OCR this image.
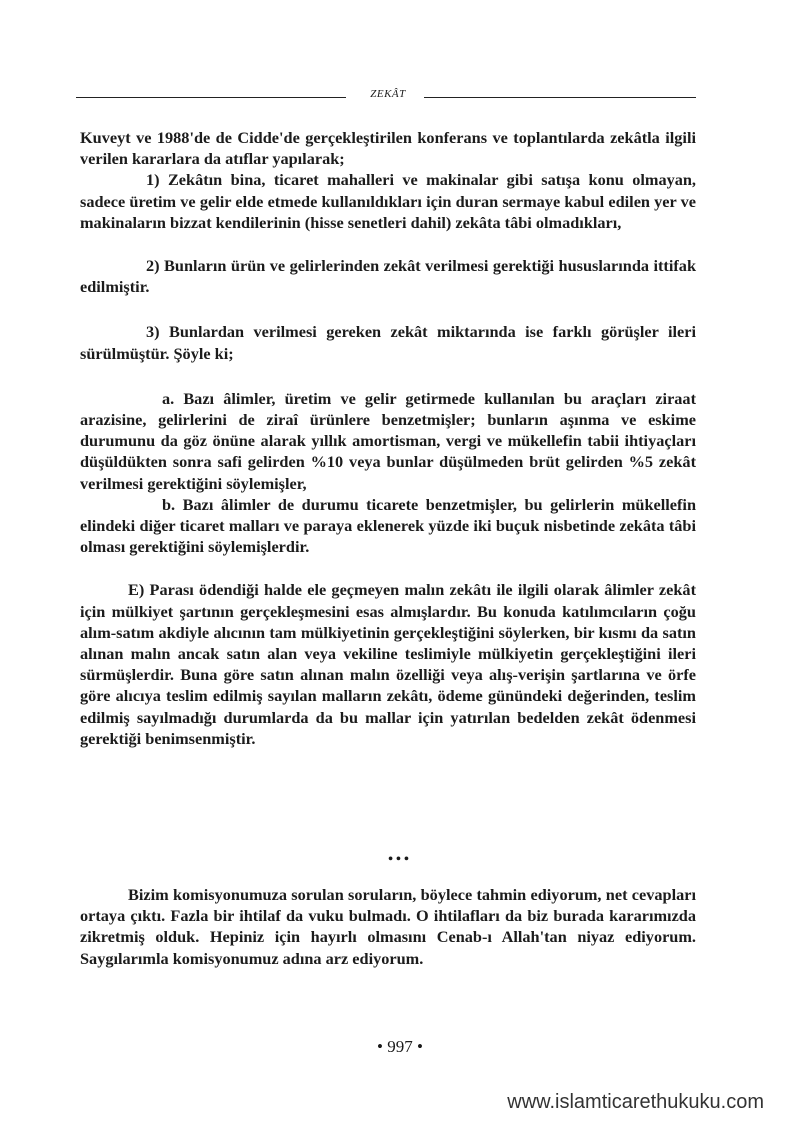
ZEKÂT

Kuveyt ve 1988'de de Cidde'de gerçekleştirilen konferans ve toplantılarda zekâtla ilgili verilen kararlara da atıflar yapılarak;

1) Zekâtın bina, ticaret mahalleri ve makinalar gibi satışa konu olmayan, sadece üretim ve gelir elde etmede kullanıldıkları için duran sermaye kabul edilen yer ve makinaların bizzat kendilerinin (hisse senetleri dahil) zekâta tâbi olmadıkları,

2) Bunların ürün ve gelirlerinden zekât verilmesi gerektiği hususlarında ittifak edilmiştir.

3) Bunlardan verilmesi gereken zekât miktarında ise farklı görüşler ileri sürülmüştür. Şöyle ki;

a. Bazı âlimler, üretim ve gelir getirmede kullanılan bu araçları ziraat arazisine, gelirlerini de ziraî ürünlere benzetmişler; bunların aşınma ve eskime durumunu da göz önüne alarak yıllık amortisman, vergi ve mükellefin tabii ihtiyaçları düşüldükten sonra safi gelirden %10 veya bunlar düşülmeden brüt gelirden %5 zekât verilmesi gerektiğini söylemişler,

b. Bazı âlimler de durumu ticarete benzetmişler, bu gelirlerin mükellefin elindeki diğer ticaret malları ve paraya eklenerek yüzde iki buçuk nisbetinde zekâta tâbi olması gerektiğini söylemişlerdir.

E) Parası ödendiği halde ele geçmeyen malın zekâtı ile ilgili olarak âlimler zekât için mülkiyet şartının gerçekleşmesini esas almışlardır. Bu konuda katılımcıların çoğu alım-satım akdiyle alıcının tam mülkiyetinin gerçekleştiğini söylerken, bir kısmı da satın alınan malın ancak satın alan veya vekiline teslimiyle mülkiyetin gerçekleştiğini ileri sürmüşlerdir. Buna göre satın alınan malın özelliği veya alış-verişin şartlarına ve örfe göre alıcıya teslim edilmiş sayılan malların zekâtı, ödeme günündeki değerinden, teslim edilmiş sayılmadığı durumlarda da bu mallar için yatırılan bedelden zekât ödenmesi gerektiği benimsenmiştir.

•••

Bizim komisyonumuza sorulan soruların, böylece tahmin ediyorum, net cevapları ortaya çıktı. Fazla bir ihtilaf da vuku bulmadı. O ihtilafları da biz burada kararımızda zikretmiş olduk. Hepiniz için hayırlı olmasını Cenab-ı Allah'tan niyaz ediyorum. Saygılarımla komisyonumuz adına arz ediyorum.

• 997 •
www.islamticarethukuku.com
